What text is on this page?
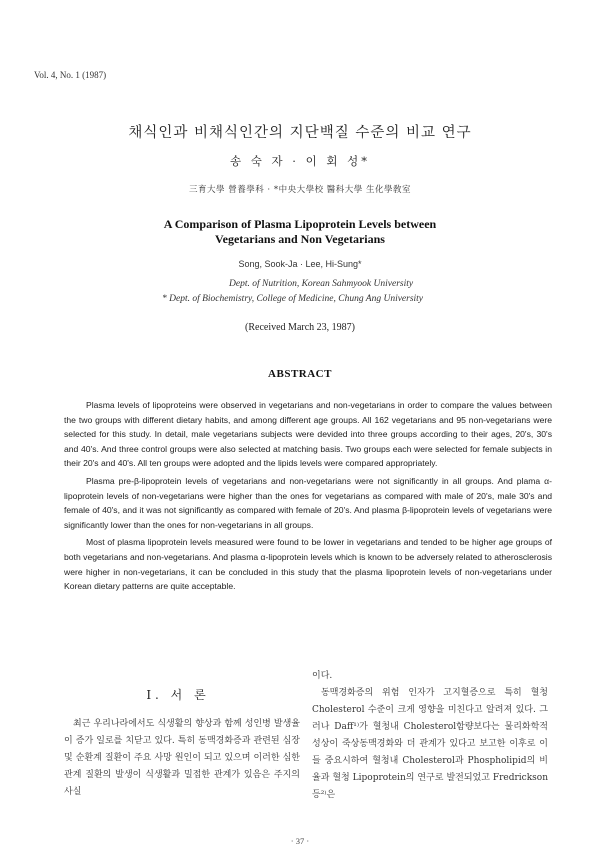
Vol. 4, No. 1 (1987)
채식인과 비채식인간의 지단백질 수준의 비교 연구
송 숙 자 · 이 회 성*
三育大學 營養學科 · *中央大學校 醫科大學 生化學敎室
A Comparison of Plasma Lipoprotein Levels between
Vegetarians and Non Vegetarians
Song, Sook-Ja · Lee, Hi-Sung*
Dept. of Nutrition, Korean Sahmyook University
* Dept. of Biochemistry, College of Medicine, Chung Ang University
(Received March 23, 1987)
ABSTRACT

Plasma levels of lipoproteins were observed in vegetarians and non-vegetarians in order to compare the values between the two groups with different dietary habits, and among different age groups. All 162 vegetarians and 95 non-vegetarians were selected for this study. In detail, male vegetarians subjects were devided into three groups according to their ages, 20's, 30's and 40's. And three control groups were also selected at matching basis. Two groups each were selected for female subjects in their 20's and 40's. All ten groups were adopted and the lipids levels were compared appropriately.

Plasma pre-β-lipoprotein levels of vegetarians and non-vegetarians were not significantly in all groups. And plama α-lipoprotein levels of non-vegetarians were higher than the ones for vegetarians as compared with male of 20's, male 30's and female of 40's, and it was not significantly as compared with female of 20's. And plasma β-lipoprotein levels of vegetarians were significantly lower than the ones for non-vegetarians in all groups.

Most of plasma lipoprotein levels measured were found to be lower in vegetarians and tended to be higher age groups of both vegetarians and non-vegetarians. And plasma α-lipoprotein levels which is known to be adversely related to atherosclerosis were higher in non-vegetarians, it can be concluded in this study that the plasma lipoprotein levels of non-vegetarians under Korean dietary patterns are quite acceptable.

I. 서 론
최근 우리나라에서도 식생활의 향상과 함께 성인병 발생율이 증가 일로를 치닫고 있다. 특히 동맥경화증과 관련된 심장 및 순환계 질환이 주요 사망 원인이 되고 있으며 이러한 심한관계 질환의 발생이 식생활과 밀접한 관계가 있음은 주지의 사실
이다.
동맥경화증의 위험 인자가 고지혈증으로 특히 혈청 Cholesterol 수준이 크게 영향을 미친다고 알려져 있다. 그러나 Daff¹⁾가 혈청내 Cholesterol함량보다는 물리화학적 성상이 죽상동맥경화와 더 관계가 있다고 보고한 이후로 이들 중요시하여 혈청내 Cholesterol과 Phospholipid의 비율과 혈청 Lipoprotein의 연구로 발전되었고 Fredrickson 등²⁾은
· 37 ·
